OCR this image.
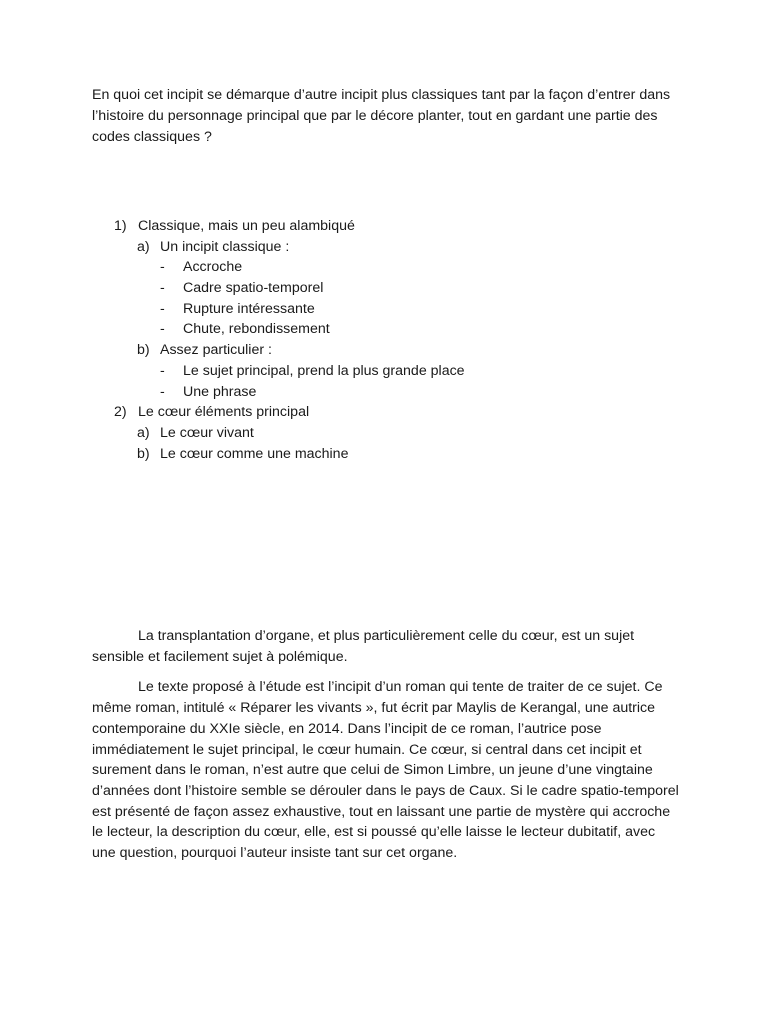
En quoi cet incipit se démarque d’autre incipit plus classiques tant par la façon d’entrer dans l’histoire du personnage principal que par le décore planter, tout en gardant une partie des codes classiques ?

1) Classique, mais un peu alambiqué
a) Un incipit classique :
- Accroche
- Cadre spatio-temporel
- Rupture intéressante
- Chute, rebondissement
b) Assez particulier :
- Le sujet principal, prend la plus grande place
- Une phrase
2) Le cœur éléments principal
a) Le cœur vivant
b) Le cœur comme une machine

La transplantation d’organe, et plus particulièrement celle du cœur, est un sujet sensible et facilement sujet à polémique.

Le texte proposé à l’étude est l’incipit d’un roman qui tente de traiter de ce sujet. Ce même roman, intitulé « Réparer les vivants », fut écrit par Maylis de Kerangal, une autrice contemporaine du XXIe siècle, en 2014. Dans l’incipit de ce roman, l’autrice pose immédiatement le sujet principal, le cœur humain. Ce cœur, si central dans cet incipit et surement dans le roman, n’est autre que celui de Simon Limbre, un jeune d’une vingtaine d’années dont l’histoire semble se dérouler dans le pays de Caux. Si le cadre spatio-temporel est présenté de façon assez exhaustive, tout en laissant une partie de mystère qui accroche le lecteur, la description du cœur, elle, est si poussé qu’elle laisse le lecteur dubitatif, avec une question, pourquoi l’auteur insiste tant sur cet organe.
